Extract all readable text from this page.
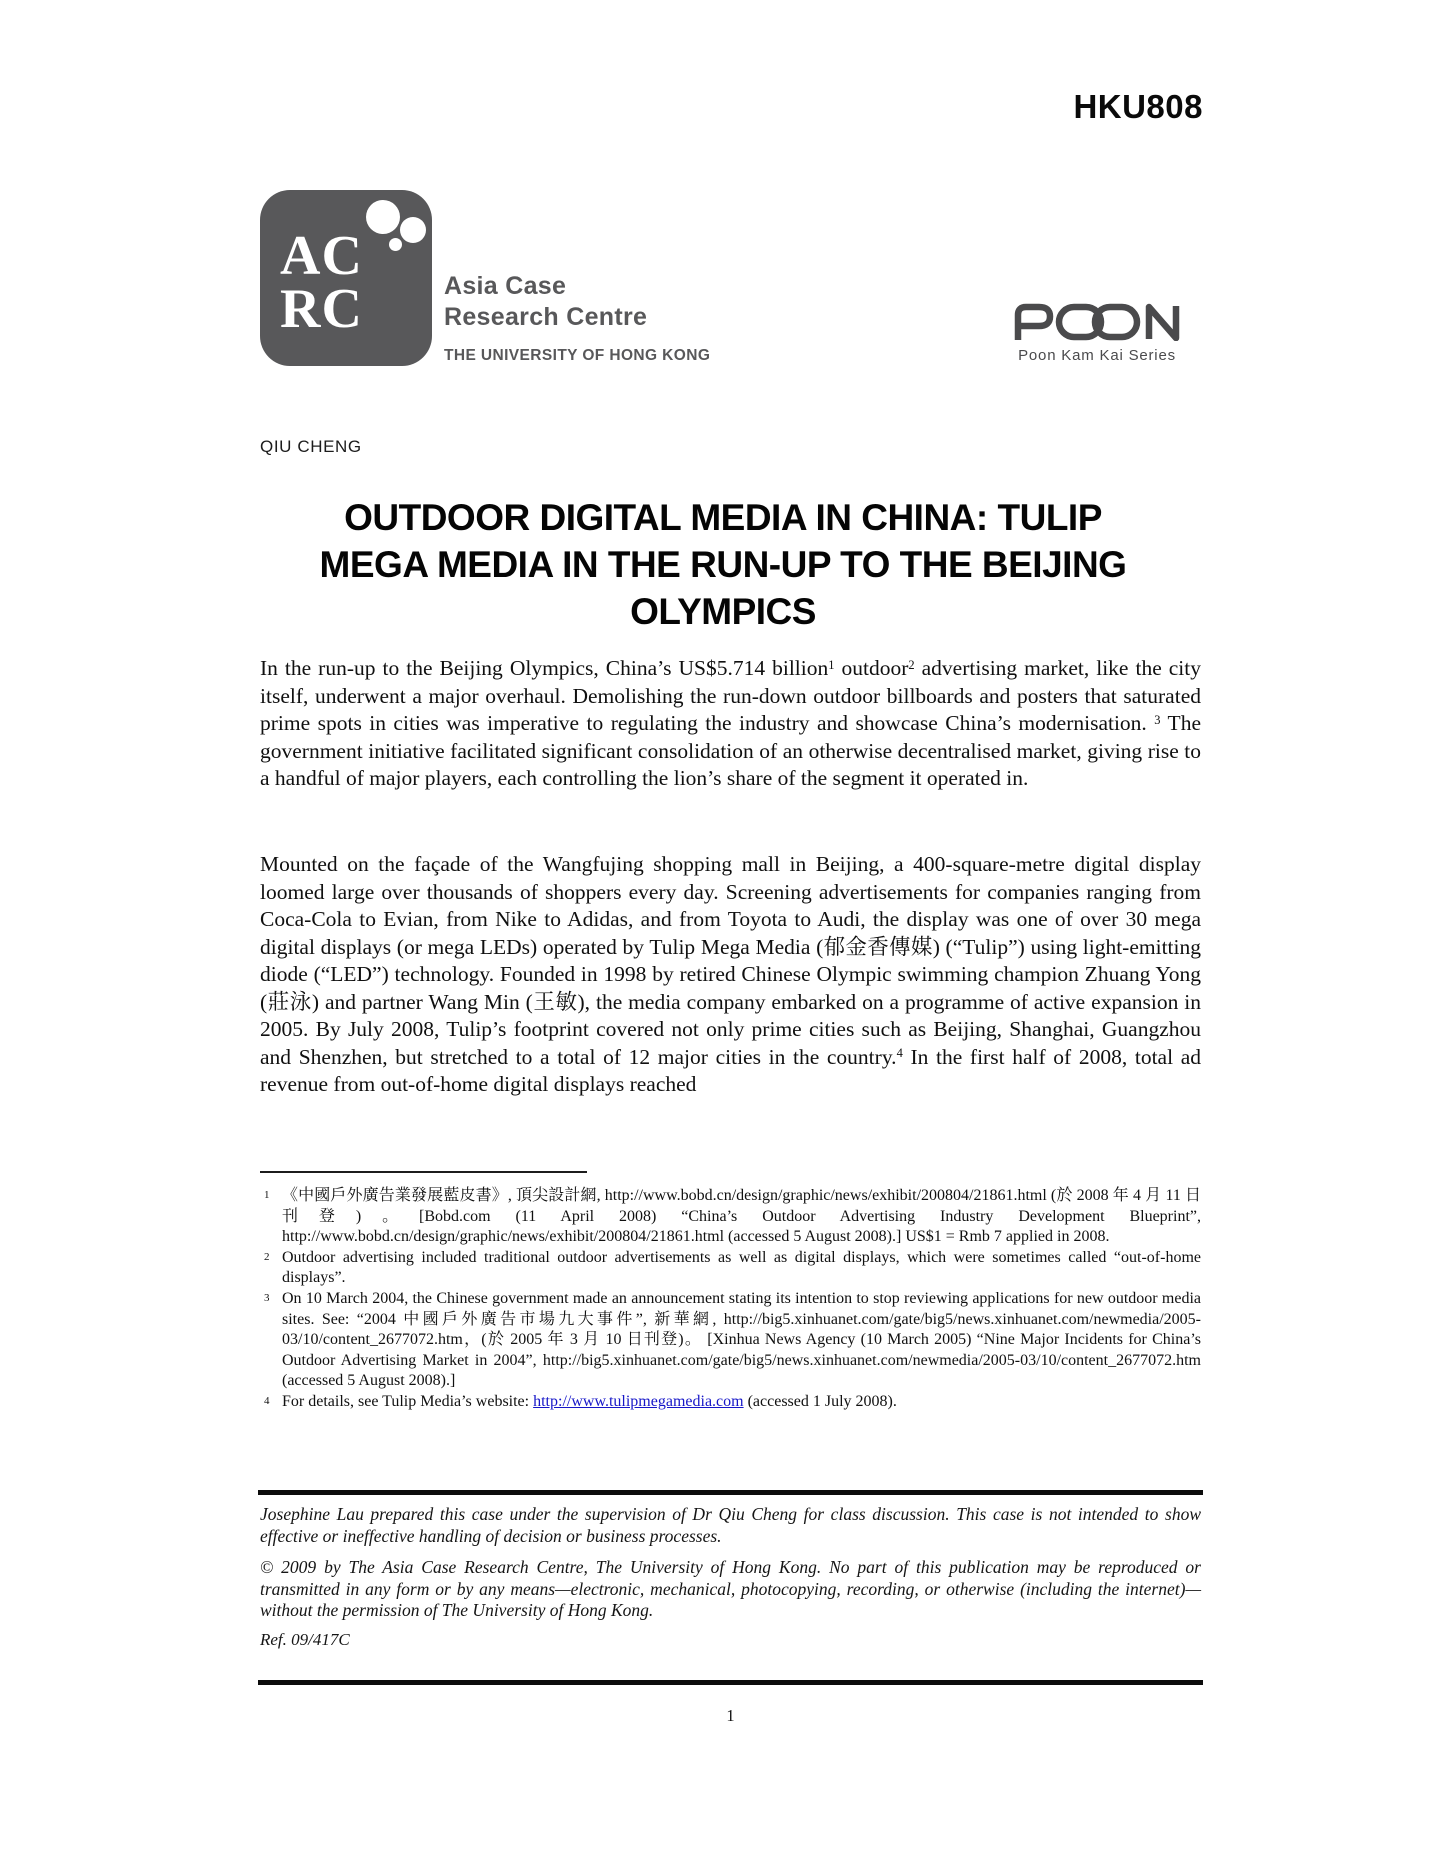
HKU808
AC
RC	Asia Case
Research Centre
THE UNIVERSITY OF HONG KONG	Poon Kam Kai Series
QIU CHENG
OUTDOOR DIGITAL MEDIA IN CHINA: TULIP
MEGA MEDIA IN THE RUN-UP TO THE BEIJING
OLYMPICS

In the run-up to the Beijing Olympics, China’s US$5.714 billion$^1$ outdoor$^2$ advertising market, like the city itself, underwent a major overhaul. Demolishing the run-down outdoor billboards and posters that saturated prime spots in cities was imperative to regulating the industry and showcase China’s modernisation. $^3$ The government initiative facilitated significant consolidation of an otherwise decentralised market, giving rise to a handful of major players, each controlling the lion’s share of the segment it operated in.

Mounted on the façade of the Wangfujing shopping mall in Beijing, a 400-square-metre digital display loomed large over thousands of shoppers every day. Screening advertisements for companies ranging from Coca-Cola to Evian, from Nike to Adidas, and from Toyota to Audi, the display was one of over 30 mega digital displays (or mega LEDs) operated by Tulip Mega Media (郁金香傳媒) (“Tulip”) using light-emitting diode (“LED”) technology. Founded in 1998 by retired Chinese Olympic swimming champion Zhuang Yong (莊泳) and partner Wang Min (王敏), the media company embarked on a programme of active expansion in 2005. By July 2008, Tulip’s footprint covered not only prime cities such as Beijing, Shanghai, Guangzhou and Shenzhen, but stretched to a total of 12 major cities in the country.$^4$ In the first half of 2008, total ad revenue from out-of-home digital displays reached

1 《中國戶外廣告業發展藍皮書》, 頂尖設計網, http://www.bobd.cn/design/graphic/news/exhibit/200804/21861.html (於 2008 年 4 月 11 日刊登)。[Bobd.com (11 April 2008) “China’s Outdoor Advertising Industry Development Blueprint”, http://www.bobd.cn/design/graphic/news/exhibit/200804/21861.html (accessed 5 August 2008).] US$1 = Rmb 7 applied in 2008.
2 Outdoor advertising included traditional outdoor advertisements as well as digital displays, which were sometimes called “out-of-home displays”.
3 On 10 March 2004, the Chinese government made an announcement stating its intention to stop reviewing applications for new outdoor media sites. See: “2004 中國戶外廣告市場九大事件”, 新華網, http://big5.xinhuanet.com/gate/big5/news.xinhuanet.com/newmedia/2005-03/10/content_2677072.htm，(於 2005 年 3 月 10 日刊登)。 [Xinhua News Agency (10 March 2005) “Nine Major Incidents for China’s Outdoor Advertising Market in 2004”, http://big5.xinhuanet.com/gate/big5/news.xinhuanet.com/newmedia/2005-03/10/content_2677072.htm (accessed 5 August 2008).]
4 For details, see Tulip Media’s website: http://www.tulipmegamedia.com (accessed 1 July 2008).

Josephine Lau prepared this case under the supervision of Dr Qiu Cheng for class discussion. This case is not intended to show effective or ineffective handling of decision or business processes.

© 2009 by The Asia Case Research Centre, The University of Hong Kong. No part of this publication may be reproduced or transmitted in any form or by any means—electronic, mechanical, photocopying, recording, or otherwise (including the internet)—without the permission of The University of Hong Kong.

Ref. 09/417C

1
